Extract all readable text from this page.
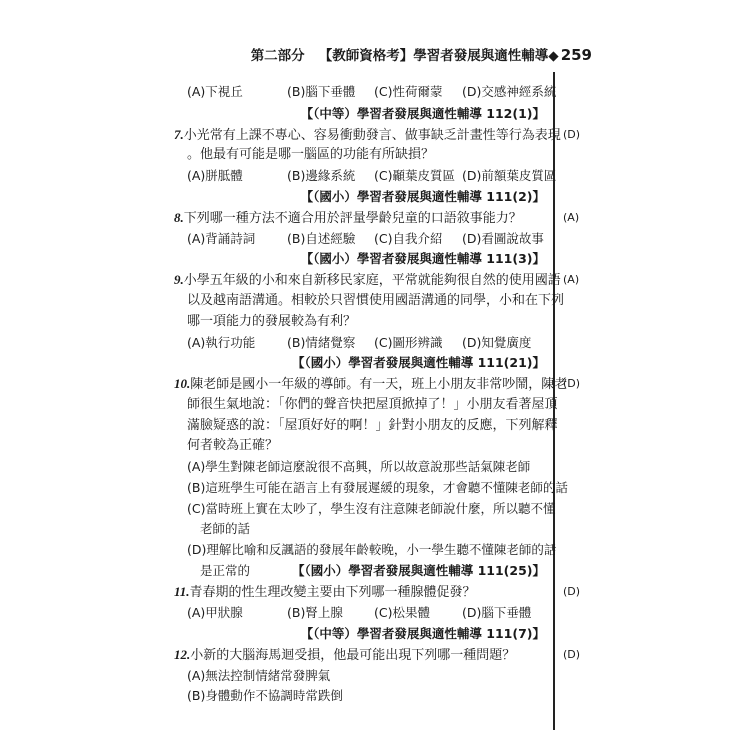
第二部分 【教師資格考】學習者發展與適性輔導◆ 259
(A)下視丘	(B)腦下垂體 (C)性荷爾蒙 (D)交感神經系統
【（中等）學習者發展與適性輔導 112(1)】
7.小光常有上課不專心、容易衝動發言、做事缺乏計畫性等行為表現 (D)
。他最有可能是哪一腦區的功能有所缺損？
(A)胼胝體	(B)邊緣系統 (C)顳葉皮質區 (D)前額葉皮質區
【（國小）學習者發展與適性輔導 111(2)】
8.下列哪一種方法不適合用於評量學齡兒童的口語敘事能力？	(A)
(A)背誦詩詞	(B)自述經驗 (C)自我介紹 (D)看圖說故事
【（國小）學習者發展與適性輔導 111(3)】
9.小學五年級的小和來自新移民家庭，平常就能夠很自然的使用國語 (A)
以及越南語溝通。相較於只習慣使用國語溝通的同學，小和在下列
哪一項能力的發展較為有利？
(A)執行功能	(B)情緒覺察 (C)圖形辨識 (D)知覺廣度
【（國小）學習者發展與適性輔導 111(21)】
10.陳老師是國小一年級的導師。有一天，班上小朋友非常吵鬧，陳老
(D)
師很生氣地說：「你們的聲音快把屋頂掀掉了！」小朋友看著屋頂
滿臉疑惑的說：「屋頂好好的啊！」針對小朋友的反應，下列解釋
何者較為正確？
(A)學生對陳老師這麼說很不高興，所以故意說那些話氣陳老師
(B)這班學生可能在語言上有發展遲緩的現象，才會聽不懂陳老師的話
(C)當時班上實在太吵了，學生沒有注意陳老師說什麼，所以聽不懂
老師的話
(D)理解比喻和反諷語的發展年齡較晚，小一學生聽不懂陳老師的話
是正常的	【（國小）學習者發展與適性輔導 111(25)】
11.青春期的性生理改變主要由下列哪一種腺體促發？	(D)
(A)甲狀腺	(B)腎上腺 (C)松果體	(D)腦下垂體
【（中等）學習者發展與適性輔導 111(7)】
12.小新的大腦海馬迴受損，他最可能出現下列哪一種問題？	(D)
(A)無法控制情緒常發脾氣
(B)身體動作不協調時常跌倒
